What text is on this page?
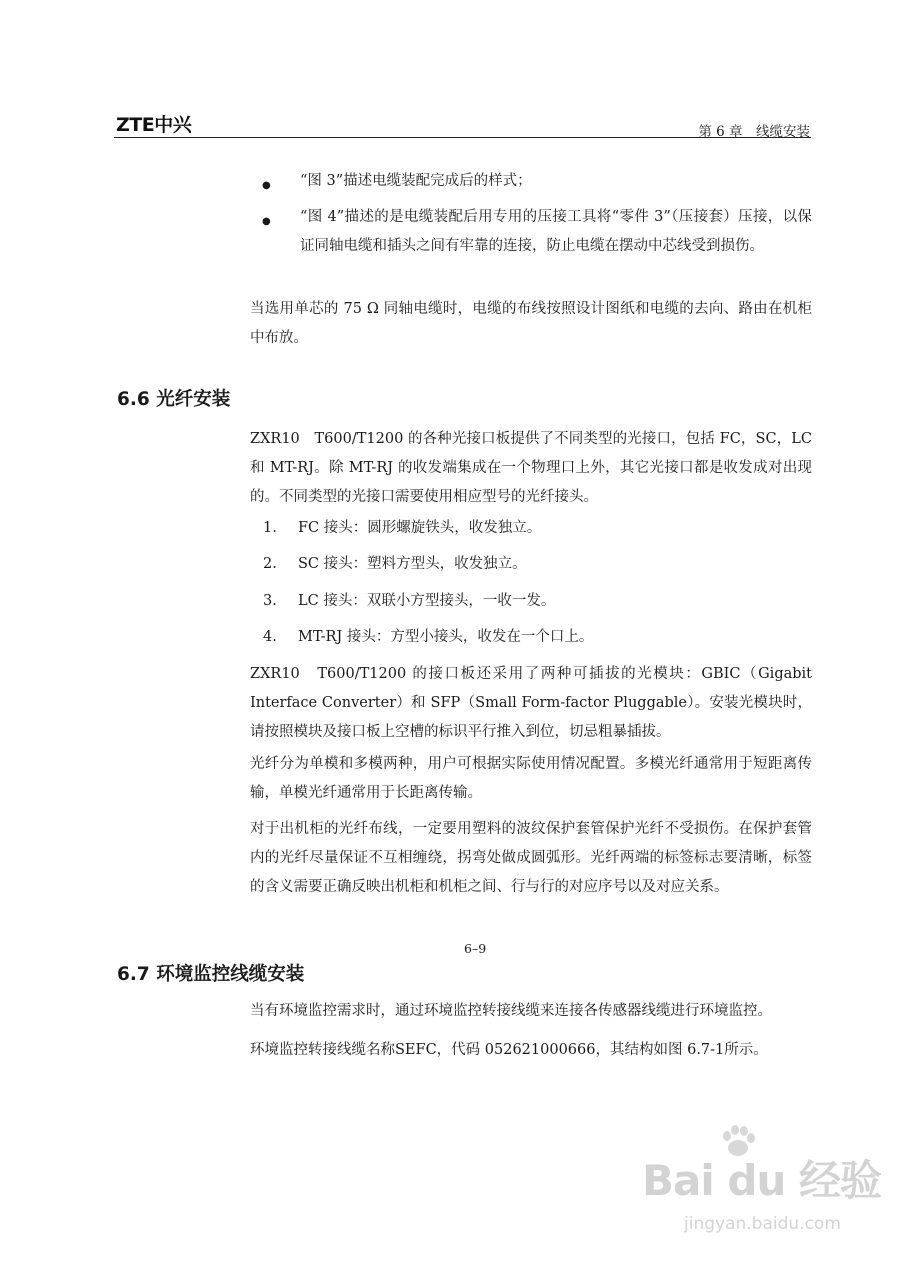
ZTE中兴	第 6 章　线缆安装
● “图 3”描述电缆装配完成后的样式；
● “图 4”描述的是电缆装配后用专用的压接工具将“零件 3”（压接套）压接，以保证同轴电缆和插头之间有牢靠的连接，防止电缆在摆动中芯线受到损伤。
当选用单芯的 75 Ω 同轴电缆时，电缆的布线按照设计图纸和电缆的去向、路由在机柜中布放。
6.6 光纤安装
ZXR10　T600/T1200 的各种光接口板提供了不同类型的光接口，包括 FC，SC，LC 和 MT-RJ。除 MT-RJ 的收发端集成在一个物理口上外，其它光接口都是收发成对出现的。不同类型的光接口需要使用相应型号的光纤接头。
1. FC 接头：圆形螺旋铁头，收发独立。
2. SC 接头：塑料方型头，收发独立。
3. LC 接头：双联小方型接头，一收一发。
4. MT-RJ 接头：方型小接头，收发在一个口上。
ZXR10　T600/T1200 的接口板还采用了两种可插拔的光模块：GBIC（Gigabit Interface Converter）和 SFP（Small Form-factor Pluggable）。安装光模块时，请按照模块及接口板上空槽的标识平行推入到位，切忌粗暴插拔。
光纤分为单模和多模两种，用户可根据实际使用情况配置。多模光纤通常用于短距离传输，单模光纤通常用于长距离传输。
对于出机柜的光纤布线，一定要用塑料的波纹保护套管保护光纤不受损伤。在保护套管内的光纤尽量保证不互相缠绕，拐弯处做成圆弧形。光纤两端的标签标志要清晰，标签的含义需要正确反映出机柜和机柜之间、行与行的对应序号以及对应关系。
6.7 环境监控线缆安装
当有环境监控需求时，通过环境监控转接线缆来连接各传感器线缆进行环境监控。
环境监控转接线缆名称SEFC，代码 052621000666，其结构如图 6.7-1所示。
6–9
Bai du 经验
jingyan.baidu.com
